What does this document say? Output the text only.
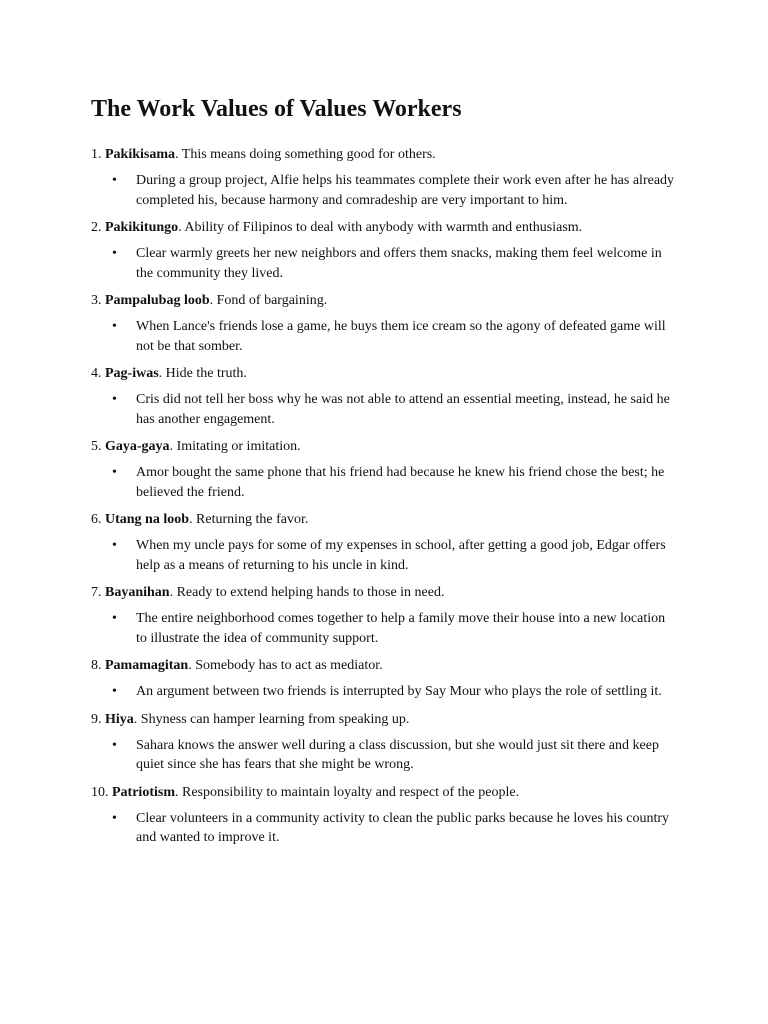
The Work Values of Values Workers
1. Pakikisama. This means doing something good for others.
• During a group project, Alfie helps his teammates complete their work even after he has already completed his, because harmony and comradeship are very important to him.
2. Pakikitungo. Ability of Filipinos to deal with anybody with warmth and enthusiasm.
• Clear warmly greets her new neighbors and offers them snacks, making them feel welcome in the community they lived.
3. Pampalubag loob. Fond of bargaining.
• When Lance's friends lose a game, he buys them ice cream so the agony of defeated game will not be that somber.
4. Pag-iwas. Hide the truth.
• Cris did not tell her boss why he was not able to attend an essential meeting, instead, he said he has another engagement.
5. Gaya-gaya. Imitating or imitation.
• Amor bought the same phone that his friend had because he knew his friend chose the best; he believed the friend.
6. Utang na loob. Returning the favor.
• When my uncle pays for some of my expenses in school, after getting a good job, Edgar offers help as a means of returning to his uncle in kind.
7. Bayanihan. Ready to extend helping hands to those in need.
• The entire neighborhood comes together to help a family move their house into a new location to illustrate the idea of community support.
8. Pamamagitan. Somebody has to act as mediator.
• An argument between two friends is interrupted by Say Mour who plays the role of settling it.
9. Hiya. Shyness can hamper learning from speaking up.
• Sahara knows the answer well during a class discussion, but she would just sit there and keep quiet since she has fears that she might be wrong.
10. Patriotism. Responsibility to maintain loyalty and respect of the people.
• Clear volunteers in a community activity to clean the public parks because he loves his country and wanted to improve it.
